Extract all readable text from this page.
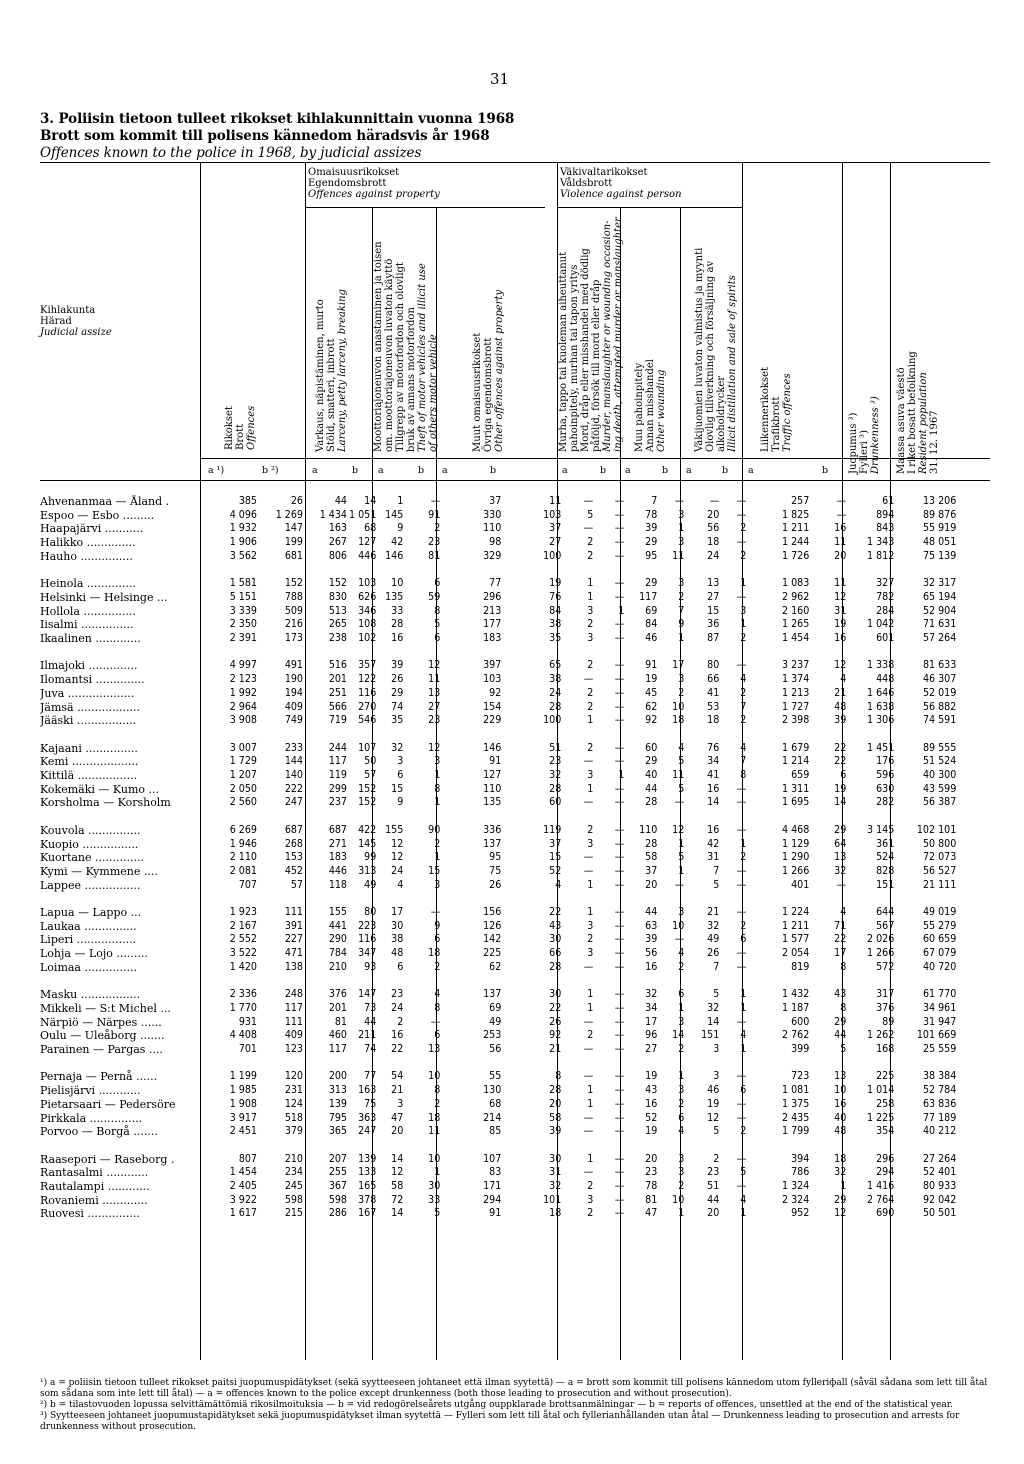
31
3. Poliisin tietoon tulleet rikokset kihlakunnittain vuonna 1968
Brott som kommit till polisens kännedom häradsvis år 1968
Offences known to the police in 1968, by judicial assizes
Kihlakunta
Härad
Judicial assize
Omaisuusrikokset
Egendomsbrott
Offences against property
Väkivaltarikokset
Våldsbrott
Violence against person
Rikokset Brott Offences	Varkaus, näpistäminen, murto Stöld, snatteri, inbrott Larceny, petty larceny, breaking	Moottoriajoneuvon anastaminen ja toisen om. moottoriajoneuvon luvaton käyttö Tillgrepp av motorfordon och olovligt bruk av annans motorfordon Theft of motor vehicles and illicit use of others motor vehicle	Muut omaisuusrikokset Övriga egendomsbrott Other offences against property	Murha, tappo tai kuoleman aiheuttanut pahoinpitely, murhan tai tapon yritys Mord, dråp eller misshandel med dödlig påföljd, försök till mord eller dråp Murder, manslaughter or wounding occasion- ing death, attempted murder or manslaughter Muu pahoinpitely Annan misshandel Other wounding	Väkijuomien luvaton valmistus ja myynti Olovlig tillverkning och försäljning av alkoholdrycker Illicit distillation and sale of spirits Liikennerikokset Trafikbrott Traffic offences	Juopumus ³) Fylleri ³) Drunkenness ³) Maassa asuva väestö I riket bosatt befolkning Resident population 31. 12. 1967
a ¹)	b ²)	a	b a	b a	b	a	b a	b a	b a	b
Ahvenanmaa — Åland .	385	26	44	14	1	—	37	11	—	—	7	—	—	—	257	—	61	13 206
Espoo — Esbo .........	4 096	1 269	1 434	1 051	145	91	330	103	5	—	78	3	20	—	1 825	—	894	89 876
Haapajärvi ...........	1 932	147	163	68	9	2	110	37	—	—	39	1	56	2	1 211	16	843	55 919
Halikko ..............	1 906	199	267	127	42	23	98	27	2	—	29	3	18	—	1 244	11	1 343	48 051
Hauho ...............	3 562	681	806	446	146	81	329	100	2	—	95	11	24	2	1 726	20	1 812	75 139

Heinola ..............	1 581	152	152	103	10	6	77	19	1	—	29	3	13	1	1 083	11	327	32 317
Helsinki — Helsinge ...	5 151	788	830	626	135	59	296	76	1	—	117	2	27	—	2 962	12	782	65 194
Hollola ...............	3 339	509	513	346	33	8	213	84	3	1	69	7	15	3	2 160	31	284	52 904
Iisalmi ...............	2 350	216	265	108	28	5	177	38	2	—	84	9	36	1	1 265	19	1 042	71 631
Ikaalinen .............	2 391	173	238	102	16	6	183	35	3	—	46	1	87	2	1 454	16	601	57 264

Ilmajoki ..............	4 997	491	516	357	39	12	397	65	2	—	91	17	80	—	3 237	12	1 338	81 633
Ilomantsi ..............	2 123	190	201	122	26	11	103	38	—	—	19	3	66	4	1 374	4	448	46 307
Juva ...................	1 992	194	251	116	29	13	92	24	2	—	45	2	41	2	1 213	21	1 646	52 019
Jämsä ..................	2 964	409	566	270	74	27	154	28	2	—	62	10	53	7	1 727	48	1 638	56 882
Jääski .................	3 908	749	719	546	35	23	229	100	1	—	92	18	18	2	2 398	39	1 306	74 591

Kajaani ...............	3 007	233	244	107	32	12	146	51	2	—	60	4	76	4	1 679	22	1 451	89 555
Kemi ...................	1 729	144	117	50	3	3	91	23	—	—	29	5	34	7	1 214	22	176	51 524
Kittilä .................	1 207	140	119	57	6	1	127	32	3	1	40	11	41	8	659	6	596	40 300
Kokemäki — Kumo ...	2 050	222	299	152	15	8	110	28	1	—	44	5	16	—	1 311	19	630	43 599
Korsholma — Korsholm	2 560	247	237	152	9	1	135	60	—	—	28	—	14	—	1 695	14	282	56 387

Kouvola ...............	6 269	687	687	422	155	90	336	119	2	—	110	12	16	—	4 468	29	3 145	102 101
Kuopio ................	1 946	268	271	145	12	2	137	37	3	—	28	1	42	1	1 129	64	361	50 800
Kuortane ..............	2 110	153	183	99	12	1	95	15	—	—	58	5	31	2	1 290	13	524	72 073
Kymi — Kymmene ....	2 081	452	446	313	24	15	75	52	—	—	37	1	7	—	1 266	32	828	56 527
Lappee ................	707	57	118	49	4	3	26	4	1	—	20	—	5	—	401	—	151	21 111

Lapua — Lappo ...	1 923	111	155	80	17	—	156	22	1	—	44	3	21	—	1 224	4	644	49 019
Laukaa ...............	2 167	391	441	223	30	9	126	43	3	—	63	10	32	2	1 211	71	567	55 279
Liperi .................	2 552	227	290	116	38	6	142	30	2	—	39	—	49	6	1 577	22	2 026	60 659
Lohja — Lojo .........	3 522	471	784	347	48	18	225	66	3	—	56	4	26	—	2 054	17	1 266	67 079
Loimaa ...............	1 420	138	210	93	6	2	62	28	—	—	16	2	7	—	819	8	572	40 720

Masku .................	2 336	248	376	147	23	4	137	30	1	—	32	6	5	1	1 432	43	317	61 770
Mikkeli — S:t Michel ...	1 770	117	201	73	24	8	69	22	1	—	34	1	32	1	1 187	8	376	34 961
Närpiö — Närpes ......	931	111	81	44	2	—	49	26	—	—	17	3	14	—	600	29	89	31 947
Oulu — Uleåborg .......	4 408	409	460	211	16	6	253	92	2	—	96	14	151	4	2 762	44	1 262	101 669
Parainen — Pargas ....	701	123	117	74	22	13	56	21	—	—	27	2	3	1	399	5	168	25 559

Pernaja — Pernå ......	1 199	120	200	77	54	10	55	8	—	—	19	1	3	—	723	13	225	38 384
Pielisjärvi ............	1 985	231	313	163	21	8	130	28	1	—	43	3	46	6	1 081	10	1 014	52 784
Pietarsaari — Pedersöre	1 908	124	139	75	3	2	68	20	1	—	16	2	19	—	1 375	16	258	63 836
Pirkkala ...............	3 917	518	795	363	47	18	214	58	—	—	52	6	12	—	2 435	40	1 225	77 189
Porvoo — Borgå .......	2 451	379	365	247	20	11	85	39	—	—	19	4	5	2	1 799	48	354	40 212

Raasepori — Raseborg .	807	210	207	139	14	10	107	30	1	—	20	3	2	—	394	18	296	27 264
Rantasalmi ............	1 454	234	255	133	12	1	83	31	—	—	23	3	23	5	786	32	294	52 401
Rautalampi ............	2 405	245	367	165	58	30	171	32	2	—	78	2	51	—	1 324	1	1 416	80 933
Rovaniemi .............	3 922	598	598	378	72	33	294	101	3	—	81	10	44	4	2 324	29	2 764	92 042
Ruovesi ...............	1 617	215	286	167	14	5	91	18	2	—	47	1	20	1	952	12	690	50 501

¹) a = poliisin tietoon tulleet rikokset paitsi juopumuspidätykset (sekä syytteeseen johtaneet että ilman syytettä) — a = brott som kommit till polisens kännedom utom fylleriфall (såväl sådana som lett till åtal som sådana som inte lett till åtal) — a = offences known to the police except drunkenness (both those leading to prosecution and without prosecution).

²) b = tilastovuoden lopussa selvittämättömiä rikosilmoituksia — b = vid redogörelseårets utgång ouppklarade brottsanmälningar — b = reports of offences, unsettled at the end of the statistical year.

³) Syytteeseen johtaneet juopumustapidätykset sekä juopumuspidätykset ilman syytettä — Fylleri som lett till åtal och fyllerianhållanden utan åtal — Drunkenness leading to prosecution and arrests for drunkenness without prosecution.
